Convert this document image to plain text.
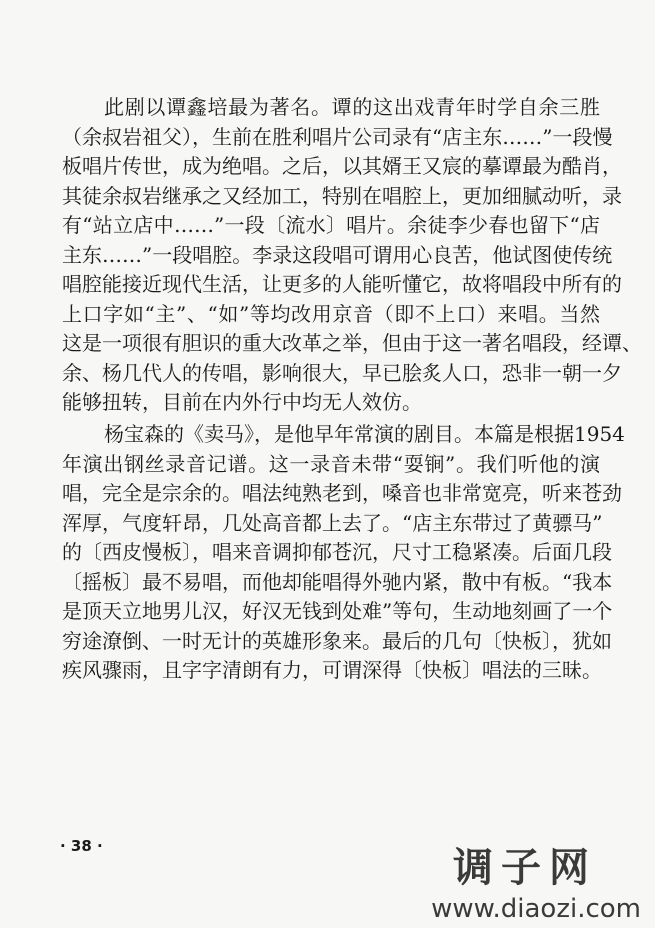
此剧以谭鑫培最为著名。谭的这出戏青年时学自余三胜
（余叔岩祖父），生前在胜利唱片公司录有“店主东……”一段慢
板唱片传世，成为绝唱。之后，以其婿王又宸的摹谭最为酷肖，
其徒余叔岩继承之又经加工，特别在唱腔上，更加细腻动听，录
有“站立店中……”一段〔流水〕唱片。余徒李少春也留下“店
主东……”一段唱腔。李录这段唱可谓用心良苦，他试图使传统
唱腔能接近现代生活，让更多的人能听懂它，故将唱段中所有的
上口字如“主”、“如”等均改用京音（即不上口）来唱。当然
这是一项很有胆识的重大改革之举，但由于这一著名唱段，经谭、
余、杨几代人的传唱，影响很大，早已脍炙人口，恐非一朝一夕
能够扭转，目前在内外行中均无人效仿。
杨宝森的《卖马》，是他早年常演的剧目。本篇是根据1954
年演出钢丝录音记谱。这一录音未带“耍锏”。我们听他的演
唱，完全是宗余的。唱法纯熟老到，嗓音也非常宽亮，听来苍劲
浑厚，气度轩昂，几处高音都上去了。“店主东带过了黄骠马”
的〔西皮慢板〕，唱来音调抑郁苍沉，尺寸工稳紧凑。后面几段
〔摇板〕最不易唱，而他却能唱得外驰内紧，散中有板。“我本
是顶天立地男儿汉，好汉无钱到处难”等句，生动地刻画了一个
穷途潦倒、一时无计的英雄形象来。最后的几句〔快板〕，犹如
疾风骤雨，且字字清朗有力，可谓深得〔快板〕唱法的三昧。
· 38 ·	调子网
www.diaozi.com
